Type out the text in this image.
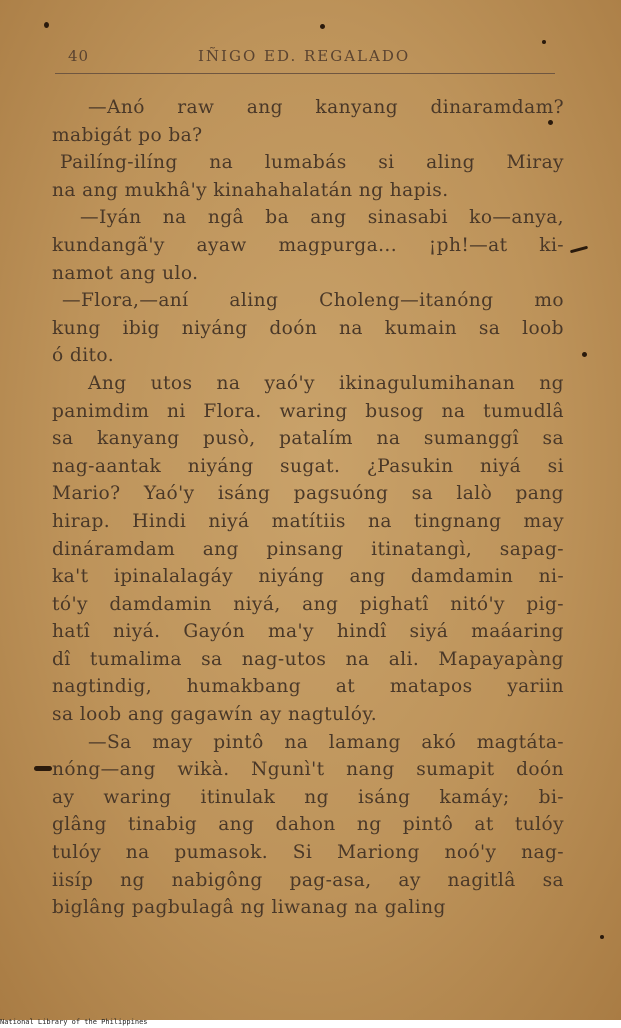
40	IÑIGO ED. REGALADO
—Anó raw ang kanyang dinaramdam?
mabigát po ba?
Pailíng-ilíng na lumabás si aling Miray
na ang mukhâ'y kinahahalatán ng hapis.
—Iyán na ngâ ba ang sinasabi ko—anya,
kundangã'y ayaw magpurga... ¡ph!—at ki-
namot ang ulo.
—Flora,—aní aling Choleng—itanóng mo
kung ibig niyáng doón na kumain sa loob
ó dito.
Ang utos na yaó'y ikinagulumihanan ng
panimdim ni Flora. waring busog na tumudlâ
sa kanyang pusò, patalím na sumanggî sa
nag-aantak niyáng sugat. ¿Pasukin niyá si
Mario? Yaó'y isáng pagsuóng sa lalò pang
hirap. Hindi niyá matítiis na tingnang may
dináramdam ang pinsang itinatangì, sapag-
ka't ipinalalagáy niyáng ang damdamin ni-
tó'y damdamin niyá, ang pighatî nitó'y pig-
hatî niyá. Gayón ma'y hindî siyá maáaring
dî tumalima sa nag-utos na ali. Mapayapàng
nagtindig, humakbang at matapos yariin
sa loob ang gagawín ay nagtulóy.
—Sa may pintô na lamang akó magtáta-
nóng—ang wikà. Ngunì't nang sumapit doón
ay waring itinulak ng isáng kamáy; bi-
glâng tinabig ang dahon ng pintô at tulóy
tulóy na pumasok. Si Mariong noó'y nag-
iisíp ng nabigông pag-asa, ay nagitlâ sa
biglâng pagbulagâ ng liwanag na galing
National Library of the Philippines
